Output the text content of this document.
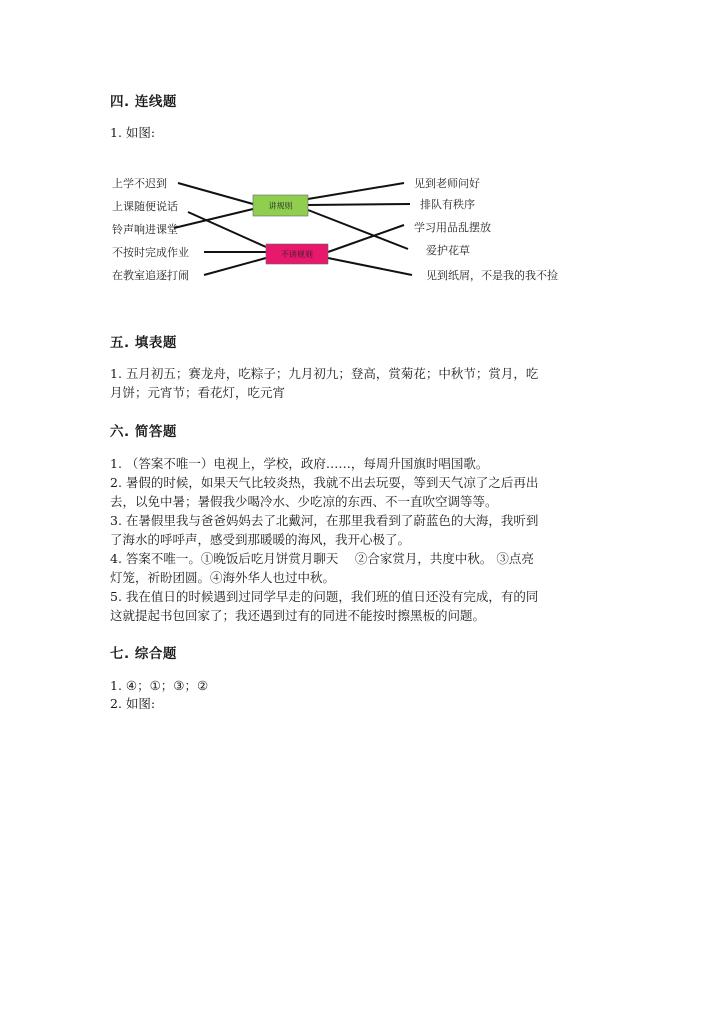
四. 连线题

1. 如图:

讲规则
不讲规则
上学不迟到
上课随便说话
铃声响进课堂
不按时完成作业
在教室追逐打闹
见到老师问好
排队有秩序
学习用品乱摆放
爱护花草
见到纸屑，不是我的我不捡
五. 填表题

1. 五月初五；赛龙舟，吃粽子；九月初九；登高，赏菊花；中秋节；赏月，吃

月饼；元宵节；看花灯，吃元宵

六. 简答题

1. （答案不唯一）电视上，学校，政府……，每周升国旗时唱国歌。

2. 暑假的时候，如果天气比较炎热，我就不出去玩耍，等到天气凉了之后再出

去，以免中暑；暑假我少喝冷水、少吃凉的东西、不一直吹空调等等。

3. 在暑假里我与爸爸妈妈去了北戴河，在那里我看到了蔚蓝色的大海，我听到

了海水的呼呼声，感受到那暖暖的海风，我开心极了。

4. 答案不唯一。①晚饭后吃月饼赏月聊天　 ②合家赏月，共度中秋。 ③点亮

灯笼，祈盼团圆。④海外华人也过中秋。

5. 我在值日的时候遇到过同学早走的问题，我们班的值日还没有完成，有的同

这就提起书包回家了；我还遇到过有的同进不能按时擦黑板的问题。

七. 综合题

1. ④；①；③；②

2. 如图:
